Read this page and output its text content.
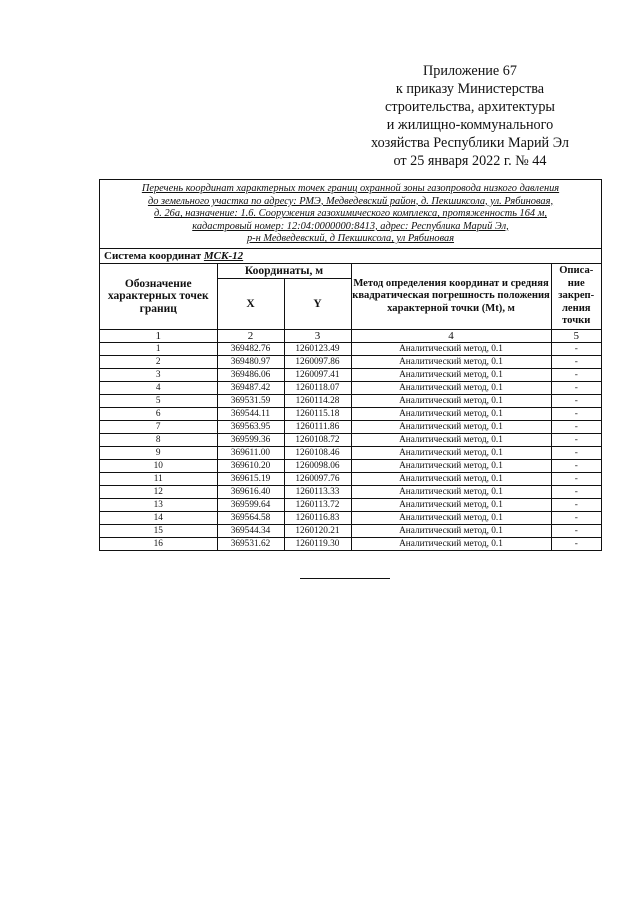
Приложение 67
к приказу Министерства
строительства, архитектуры
и жилищно-коммунального
хозяйства Республики Марий Эл
от 25 января 2022 г. № 44
Перечень координат характерных точек границ охранной зоны газопровода низкого давления
до земельного участка по адресу: РМЭ, Медведевский район, д. Пекшиксола, ул. Рябиновая,
д. 26а, назначение: 1.6. Сооружения газохимического комплекса, протяженность 164 м,
кадастровый номер: 12:04:0000000:8413, адрес: Республика Марий Эл,
р-н Медведевский, д Пекшиксола, ул Рябиновая
Система координат МСК-12
Обозначение характерных точек границ	Координаты, м		Метод определения координат и средняя квадратическая погрешность положения характерной точки (Mt), м	Описа-ние закреп-ления точки
	X	Y		
1	2	3	4	5
1	369482.76	1260123.49	Аналитический метод, 0.1	-
2	369480.97	1260097.86	Аналитический метод, 0.1	-
3	369486.06	1260097.41	Аналитический метод, 0.1	-
4	369487.42	1260118.07	Аналитический метод, 0.1	-
5	369531.59	1260114.28	Аналитический метод, 0.1	-
6	369544.11	1260115.18	Аналитический метод, 0.1	-
7	369563.95	1260111.86	Аналитический метод, 0.1	-
8	369599.36	1260108.72	Аналитический метод, 0.1	-
9	369611.00	1260108.46	Аналитический метод, 0.1	-
10	369610.20	1260098.06	Аналитический метод, 0.1	-
11	369615.19	1260097.76	Аналитический метод, 0.1	-
12	369616.40	1260113.33	Аналитический метод, 0.1	-
13	369599.64	1260113.72	Аналитический метод, 0.1	-
14	369564.58	1260116.83	Аналитический метод, 0.1	-
15	369544.34	1260120.21	Аналитический метод, 0.1	-
16	369531.62	1260119.30	Аналитический метод, 0.1	-
